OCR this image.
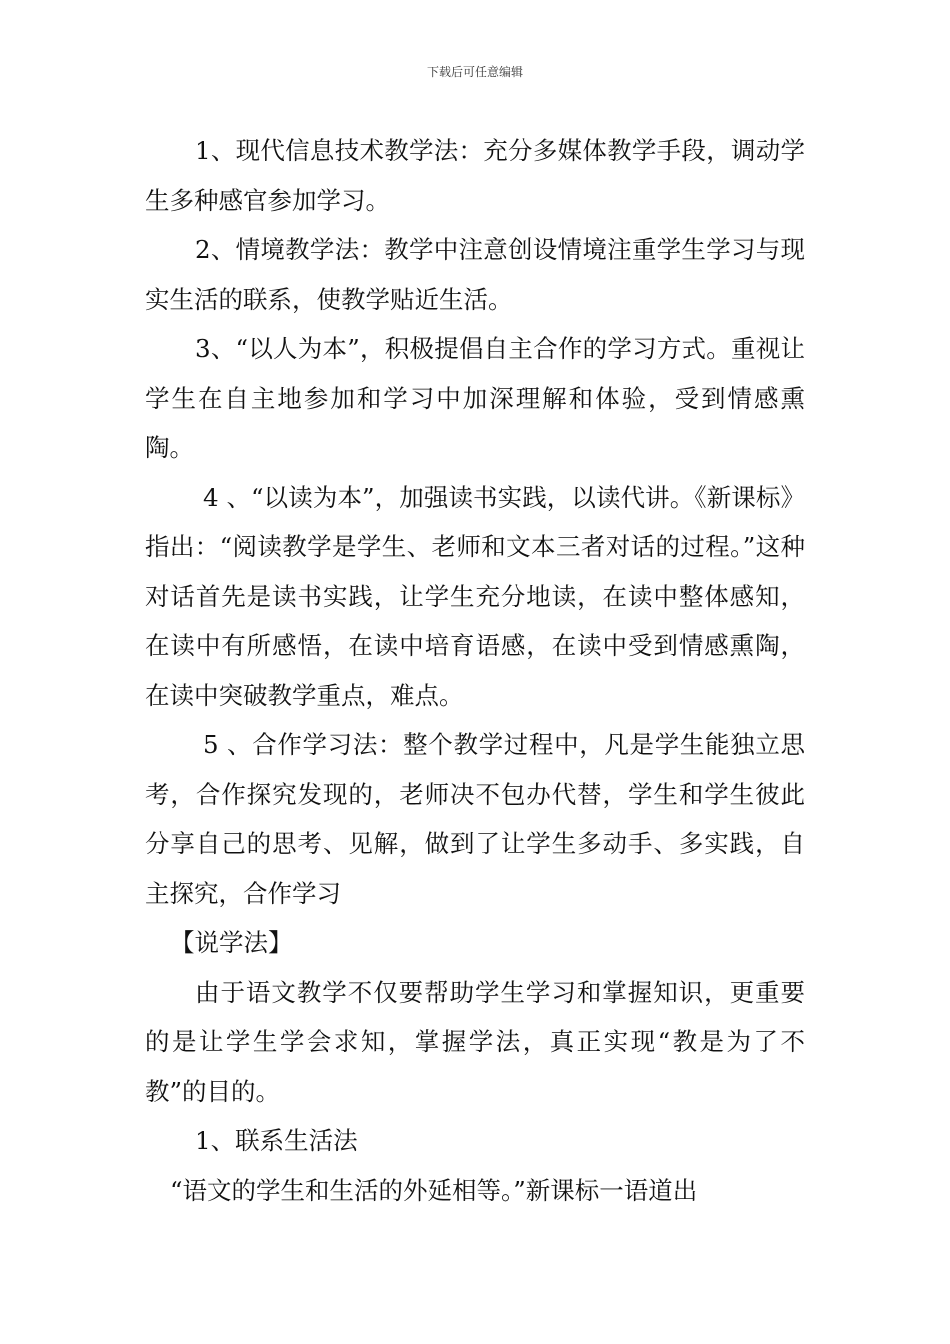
下载后可任意编辑

1、现代信息技术教学法：充分多媒体教学手段，调动学生多种感官参加学习。

2、情境教学法：教学中注意创设情境注重学生学习与现实生活的联系，使教学贴近生活。

3、“以人为本”，积极提倡自主合作的学习方式。重视让学生在自主地参加和学习中加深理解和体验，受到情感熏陶。

4 、“以读为本”，加强读书实践，以读代讲。《新课标》指出：“阅读教学是学生、老师和文本三者对话的过程。”这种对话首先是读书实践，让学生充分地读，在读中整体感知，在读中有所感悟，在读中培育语感，在读中受到情感熏陶，在读中突破教学重点，难点。

5 、合作学习法：整个教学过程中，凡是学生能独立思考，合作探究发现的，老师决不包办代替，学生和学生彼此分享自己的思考、见解，做到了让学生多动手、多实践，自主探究，合作学习

【说学法】

由于语文教学不仅要帮助学生学习和掌握知识，更重要的是让学生学会求知，掌握学法，真正实现“教是为了不教”的目的。

1、联系生活法

“语文的学生和生活的外延相等。”新课标一语道出
